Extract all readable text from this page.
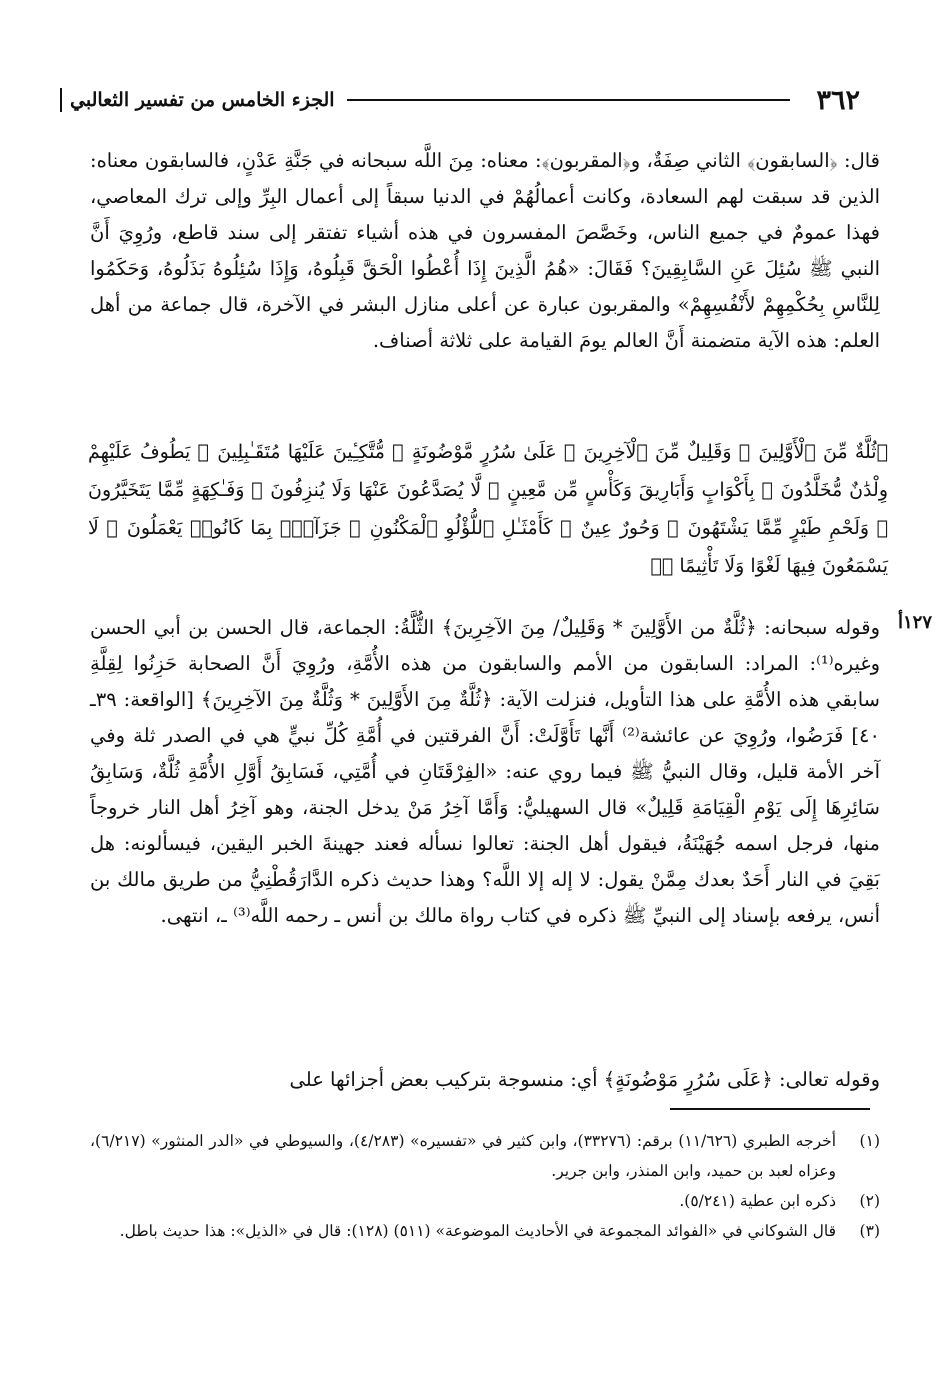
٣٦٢
الجزء الخامس من تفسير الثعالبي
قال: ﴿السابقون﴾ الثاني صِفَةٌ، و﴿المقربون﴾: معناه: مِنَ اللَّه سبحانه في جَنَّةِ عَدْنٍ، فالسابقون معناه: الذين قد سبقت لهم السعادة، وكانت أعمالُهُمْ في الدنيا سبقاً إلى أعمال البِرِّ وإلى ترك المعاصي، فهذا عمومٌ في جميع الناس، وخَصَّصَ المفسرون في هذه أشياء تفتقر إلى سند قاطع، ورُوِيَ أَنَّ النبي ﷺ سُئِلَ عَنِ السَّابِقِينَ؟ فَقَالَ: «هُمُ الَّذِينَ إِذَا أُعْطُوا الْحَقَّ قَبِلُوهُ، وَإِذَا سُئِلُوهُ بَذَلُوهُ، وَحَكَمُوا لِلنَّاسِ بِحُكْمِهِمْ لأَنْفُسِهِمْ» والمقربون عبارة عن أعلى منازل البشر في الآخرة، قال جماعة من أهل العلم: هذه الآية متضمنة أَنَّ العالم يومَ القيامة على ثلاثة أصناف.
﴿ثُلَّةٌ مِّنَ ٱلْأَوَّلِينَ ⑬ وَقَلِيلٌ مِّنَ ٱلْآخِرِينَ ⑭ عَلَىٰ سُرُرٍ مَّوْضُونَةٍ ⑮ مُّتَّكِـِٔينَ عَلَيْهَا مُتَقَـٰبِلِينَ ⑯ يَطُوفُ عَلَيْهِمْ وِلْدَٰنٌ مُّخَلَّدُونَ ⑰ بِأَكْوَابٍ وَأَبَارِيقَ وَكَأْسٍ مِّن مَّعِينٍ ⑱ لَّا يُصَدَّعُونَ عَنْهَا وَلَا يُنزِفُونَ ⑲ وَفَـٰكِهَةٍ مِّمَّا يَتَخَيَّرُونَ ⑳ وَلَحْمِ طَيْرٍ مِّمَّا يَشْتَهُونَ ㉑ وَحُورٌ عِينٌ ㉒ كَأَمْثَـٰلِ ٱللُّؤْلُوِ ٱلْمَكْنُونِ ㉓ جَزَآءًۢ بِمَا كَانُوا۟ يَعْمَلُونَ ㉔ لَا يَسْمَعُونَ فِيهَا لَغْوًا وَلَا تَأْثِيمًا ㉕﴾
١٢٧أ
وقوله سبحانه: ﴿ثُلَّةٌ من الأَوَّلِينَ * وَقَلِيلٌ/ مِنَ الآخِرِينَ﴾ الثُّلَّةُ: الجماعة، قال الحسن بن أبي الحسن وغيره⁽¹⁾: المراد: السابقون من الأمم والسابقون من هذه الأُمَّةِ، ورُوِيَ أَنَّ الصحابة حَزِنُوا لِقِلَّةِ سابقي هذه الأُمَّةِ على هذا التأويل، فنزلت الآية: ﴿ثُلَّةٌ مِنَ الأَوَّلِينَ * وَثُلَّةٌ مِنَ الآخِرِينَ﴾ [الواقعة: ٣٩ـ ٤٠] فَرَضُوا، ورُوِيَ عن عائشة⁽²⁾ أَنَّها تَأَوَّلَتْ: أَنَّ الفرقتين في أُمَّةِ كُلِّ نبيٍّ هي في الصدر ثلة وفي آخر الأمة قليل، وقال النبيُّ ﷺ فيما روي عنه: «الفِرْقَتَانِ في أُمَّتِي، فَسَابِقُ أَوَّلِ الأُمَّةِ ثُلَّةٌ، وَسَابِقُ سَائِرِهَا إِلَى يَوْمِ الْقِيَامَةِ قَلِيلٌ» قال السهيليُّ: وَأَمَّا آخِرُ مَنْ يدخل الجنة، وهو آخِرُ أهل النار خروجاً منها، فرجل اسمه جُهَيْنَةُ، فيقول أهل الجنة: تعالوا نسأله فعند جهينةَ الخبر اليقين، فيسألونه: هل بَقِيَ في النار أَحَدٌ بعدك مِمَّنْ يقول: لا إله إلا اللَّه؟ وهذا حديث ذكره الدَّارَقُطْنِيُّ من طريق مالك بن أنس، يرفعه بإسناد إلى النبيِّ ﷺ ذكره في كتاب رواة مالك بن أنس ـ رحمه اللَّه⁽³⁾ ـ، انتهى.
وقوله تعالى: ﴿عَلَى سُرُرٍ مَوْضُونَةٍ﴾ أي: منسوجة بتركيب بعض أجزائها على
(١)
أخرجه الطبري (١١/٦٢٦) برقم: (٣٣٢٧٦)، وابن كثير في «تفسيره» (٤/٢٨٣)، والسيوطي في «الدر المنثور» (٦/٢١٧)، وعزاه لعبد بن حميد، وابن المنذر، وابن جرير.
(٢)
ذكره ابن عطية (٥/٢٤١).
(٣)
قال الشوكاني في «الفوائد المجموعة في الأحاديث الموضوعة» (٥١١) (١٢٨): قال في «الذيل»: هذا حديث باطل.
